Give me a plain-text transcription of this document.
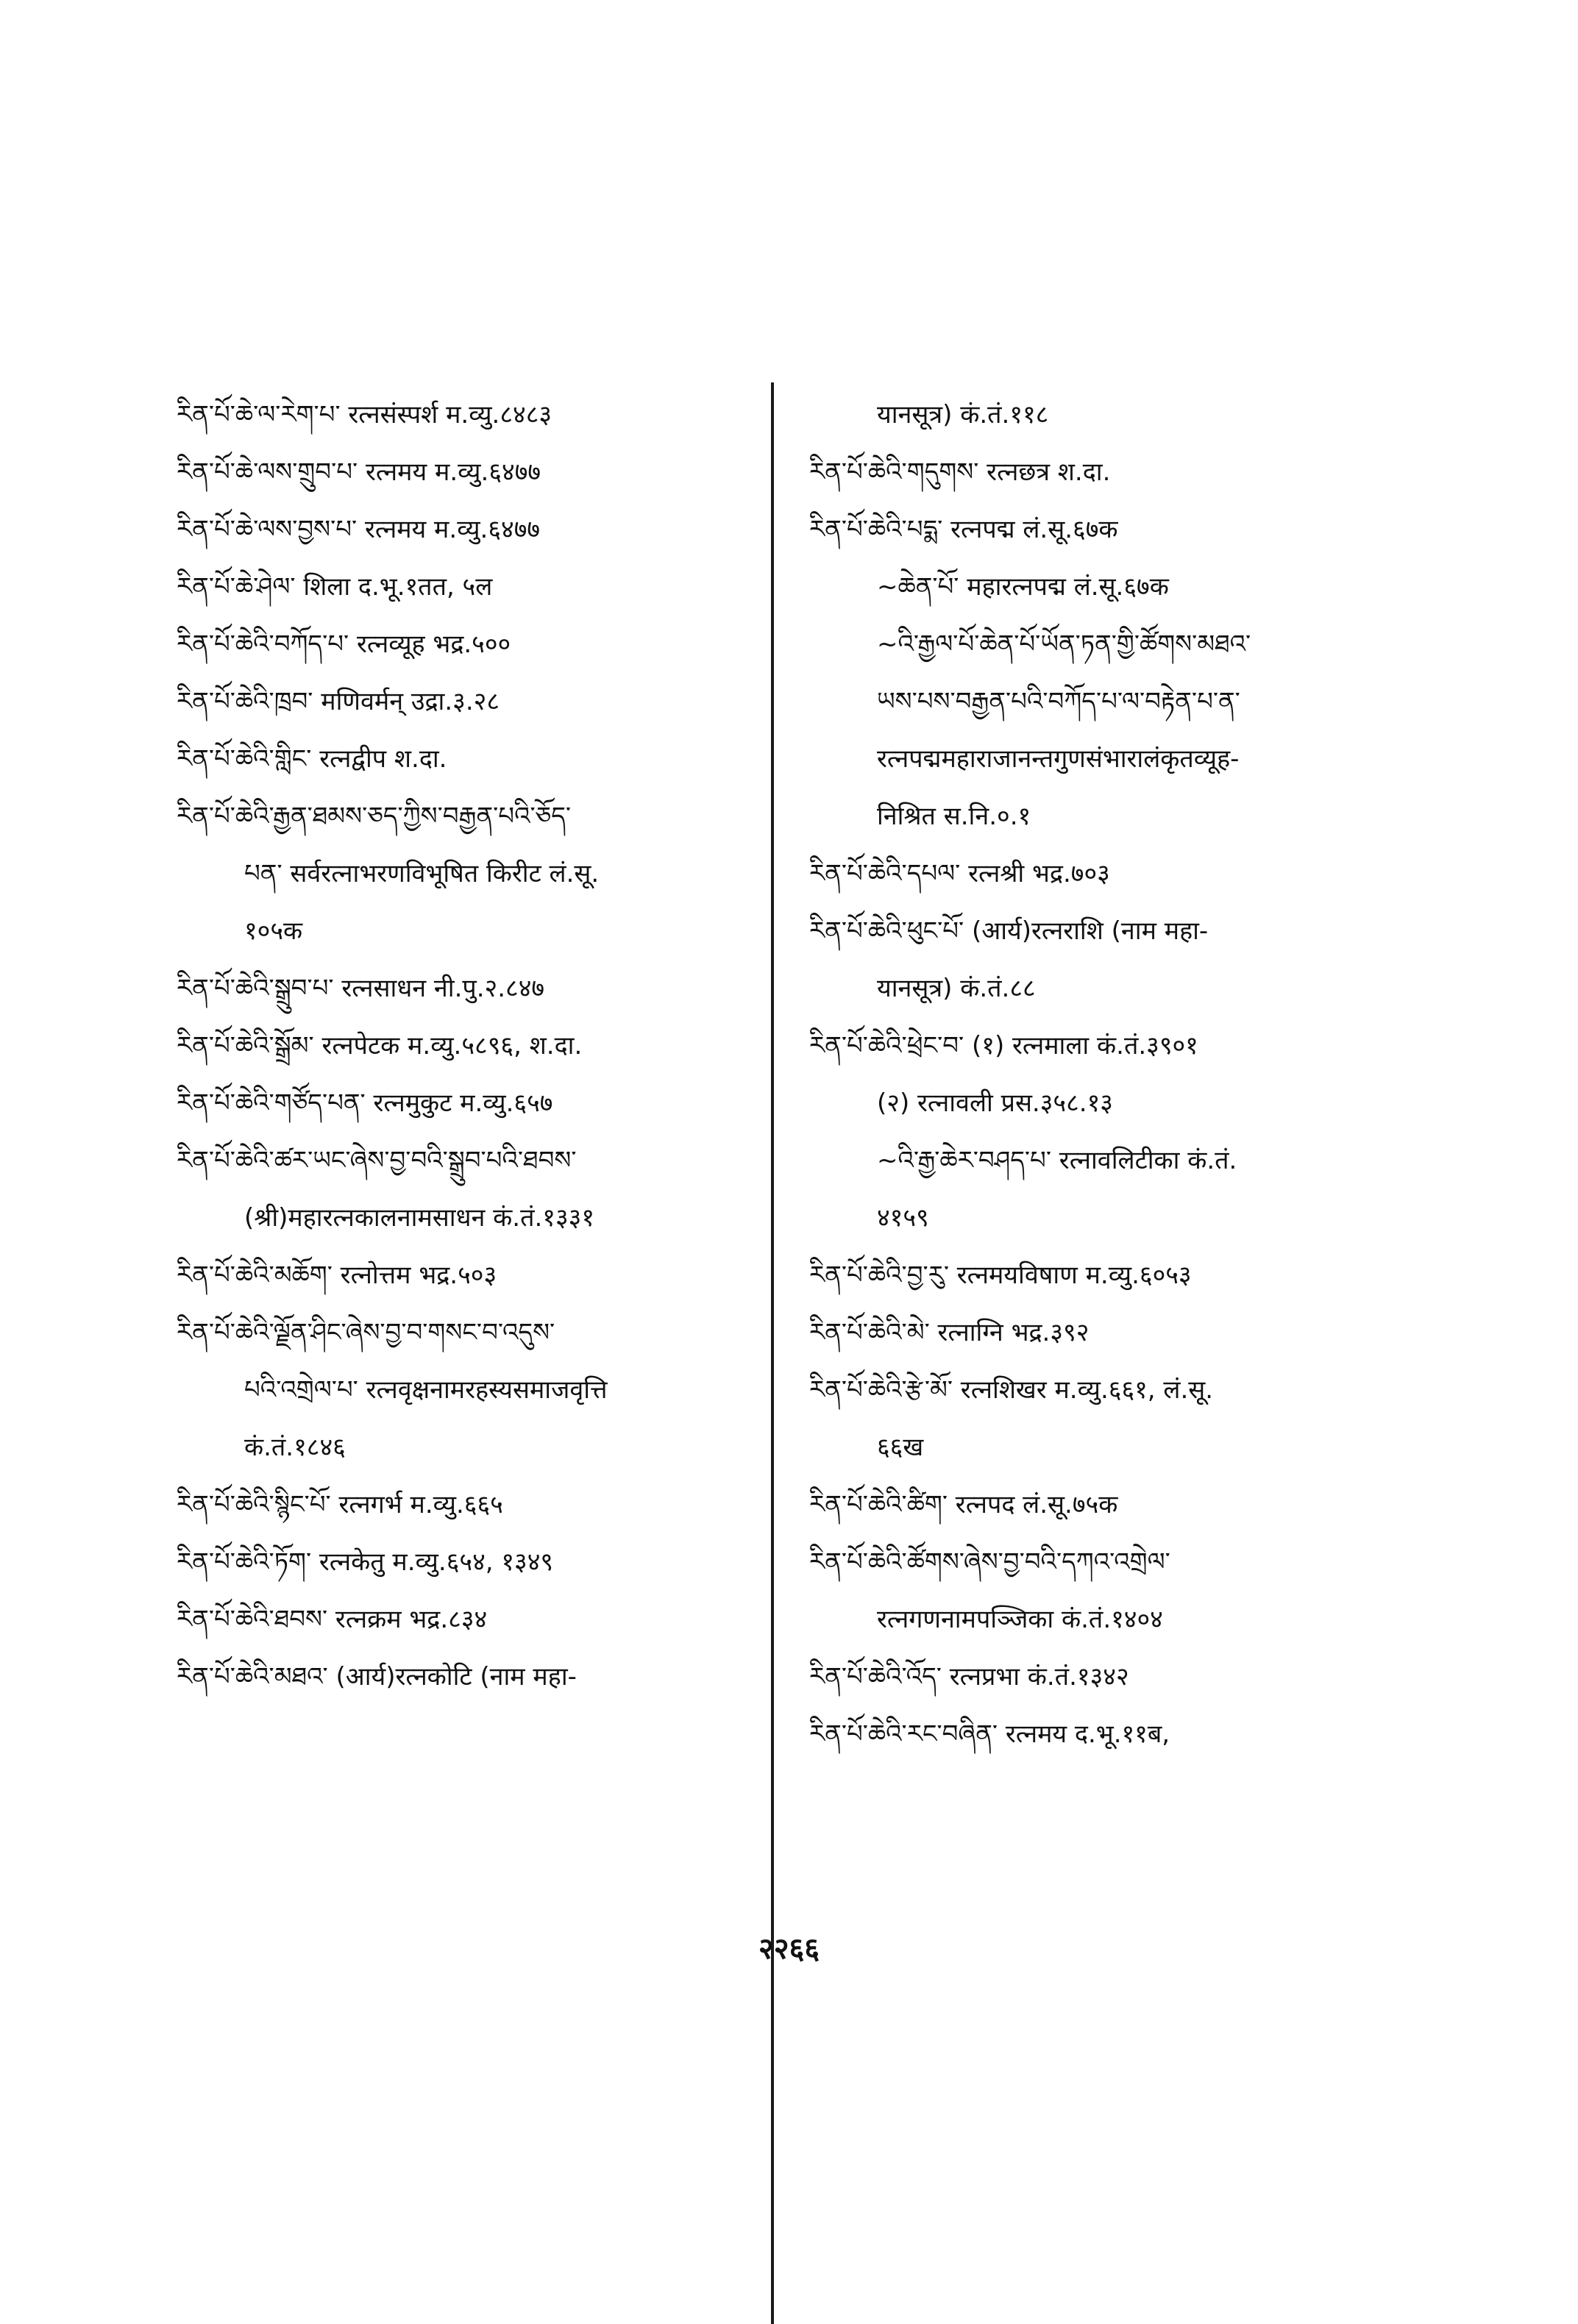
རིན་པོ་ཆེ་ལ་རེག་པ་ रत्नसंस्पर्श म.व्यु.८४८३
རིན་པོ་ཆེ་ལས་གྲུབ་པ་ रत्नमय म.व्यु.६४७७
རིན་པོ་ཆེ་ལས་བྱས་པ་ रत्नमय म.व्यु.६४७७
རིན་པོ་ཆེ་ཤེལ་ शिला द.भू.१तत, ५ल
རིན་པོ་ཆེའི་བཀོད་པ་ रत्नव्यूह भद्र.५००
རིན་པོ་ཆེའི་ཁྲབ་ मणिवर्मन् उद्रा.३.२८
རིན་པོ་ཆེའི་གླིང་ रत्नद्वीप श.दा.
རིན་པོ་ཆེའི་རྒྱན་ཐམས་ཅད་ཀྱིས་བརྒྱན་པའི་ཅོད་
པན་ सर्वरत्नाभरणविभूषित किरीट लं.सू.
१०५क
རིན་པོ་ཆེའི་སྒྲུབ་པ་ रत्नसाधन नी.पु.२.८४७
རིན་པོ་ཆེའི་སྒྲོམ་ रत्नपेटक म.व्यु.५८९६, श.दा.
རིན་པོ་ཆེའི་གཙོད་པན་ रत्नमुकुट म.व्यु.६५७
རིན་པོ་ཆེའི་ཚར་ཡང་ཞེས་བྱ་བའི་སྒྲུབ་པའི་ཐབས་
(श्री)महारत्नकालनामसाधन कं.तं.१३३१
རིན་པོ་ཆེའི་མཆོག་ रत्नोत्तम भद्र.५०३
རིན་པོ་ཆེའི་ལྗོན་ཤིང་ཞེས་བྱ་བ་གསང་བ་འདུས་
པའི་འགྲེལ་པ་ रत्नवृक्षनामरहस्यसमाजवृत्ति
कं.तं.१८४६
རིན་པོ་ཆེའི་སྙིང་པོ་ रत्नगर्भ म.व्यु.६६५
རིན་པོ་ཆེའི་ཏོག་ रत्नकेतु म.व्यु.६५४, १३४९
རིན་པོ་ཆེའི་ཐབས་ रत्नक्रम भद्र.८३४
རིན་པོ་ཆེའི་མཐའ་ (आर्य)रत्नकोटि (नाम महा-
यानसूत्र) कं.तं.११८
རིན་པོ་ཆེའི་གདུགས་ रत्नछत्र श.दा.
རིན་པོ་ཆེའི་པདྨ་ रत्नपद्म लं.सू.६७क
~ཆེན་པོ་ महारत्नपद्म लं.सू.६७क
~འི་རྒྱལ་པོ་ཆེན་པོ་ཡོན་ཏན་གྱི་ཚོགས་མཐའ་
ཡས་པས་བརྒྱན་པའི་བཀོད་པ་ལ་བརྟེན་པ་ན་
रत्नपद्ममहाराजानन्तगुणसंभारालंकृतव्यूह-
निश्रित स.नि.०.१
རིན་པོ་ཆེའི་དཔལ་ रत्नश्री भद्र.७०३
རིན་པོ་ཆེའི་ཕུང་པོ་ (आर्य)रत्नराशि (नाम महा-
यानसूत्र) कं.तं.८८
རིན་པོ་ཆེའི་ཕྲེང་བ་ (१) रत्नमाला कं.तं.३९०१
(२) रत्नावली प्रस.३५८.१३
~འི་རྒྱ་ཆེར་བཤད་པ་ रत्नावलिटीका कं.तं.
४१५९
རིན་པོ་ཆེའི་བྱ་རུ་ रत्नमयविषाण म.व्यु.६०५३
རིན་པོ་ཆེའི་མེ་ रत्नाग्नि भद्र.३९२
རིན་པོ་ཆེའི་རྩེ་མོ་ रत्नशिखर म.व्यु.६६१, लं.सू.
६६ख
རིན་པོ་ཆེའི་ཚིག་ रत्नपद लं.सू.७५क
རིན་པོ་ཆེའི་ཚོགས་ཞེས་བྱ་བའི་དཀའ་འགྲེལ་
रत्नगणनामपञ्जिका कं.तं.१४०४
རིན་པོ་ཆེའི་འོད་ रत्नप्रभा कं.तं.१३४२
རིན་པོ་ཆེའི་རང་བཞིན་ रत्नमय द.भू.११ब,
२२६६
